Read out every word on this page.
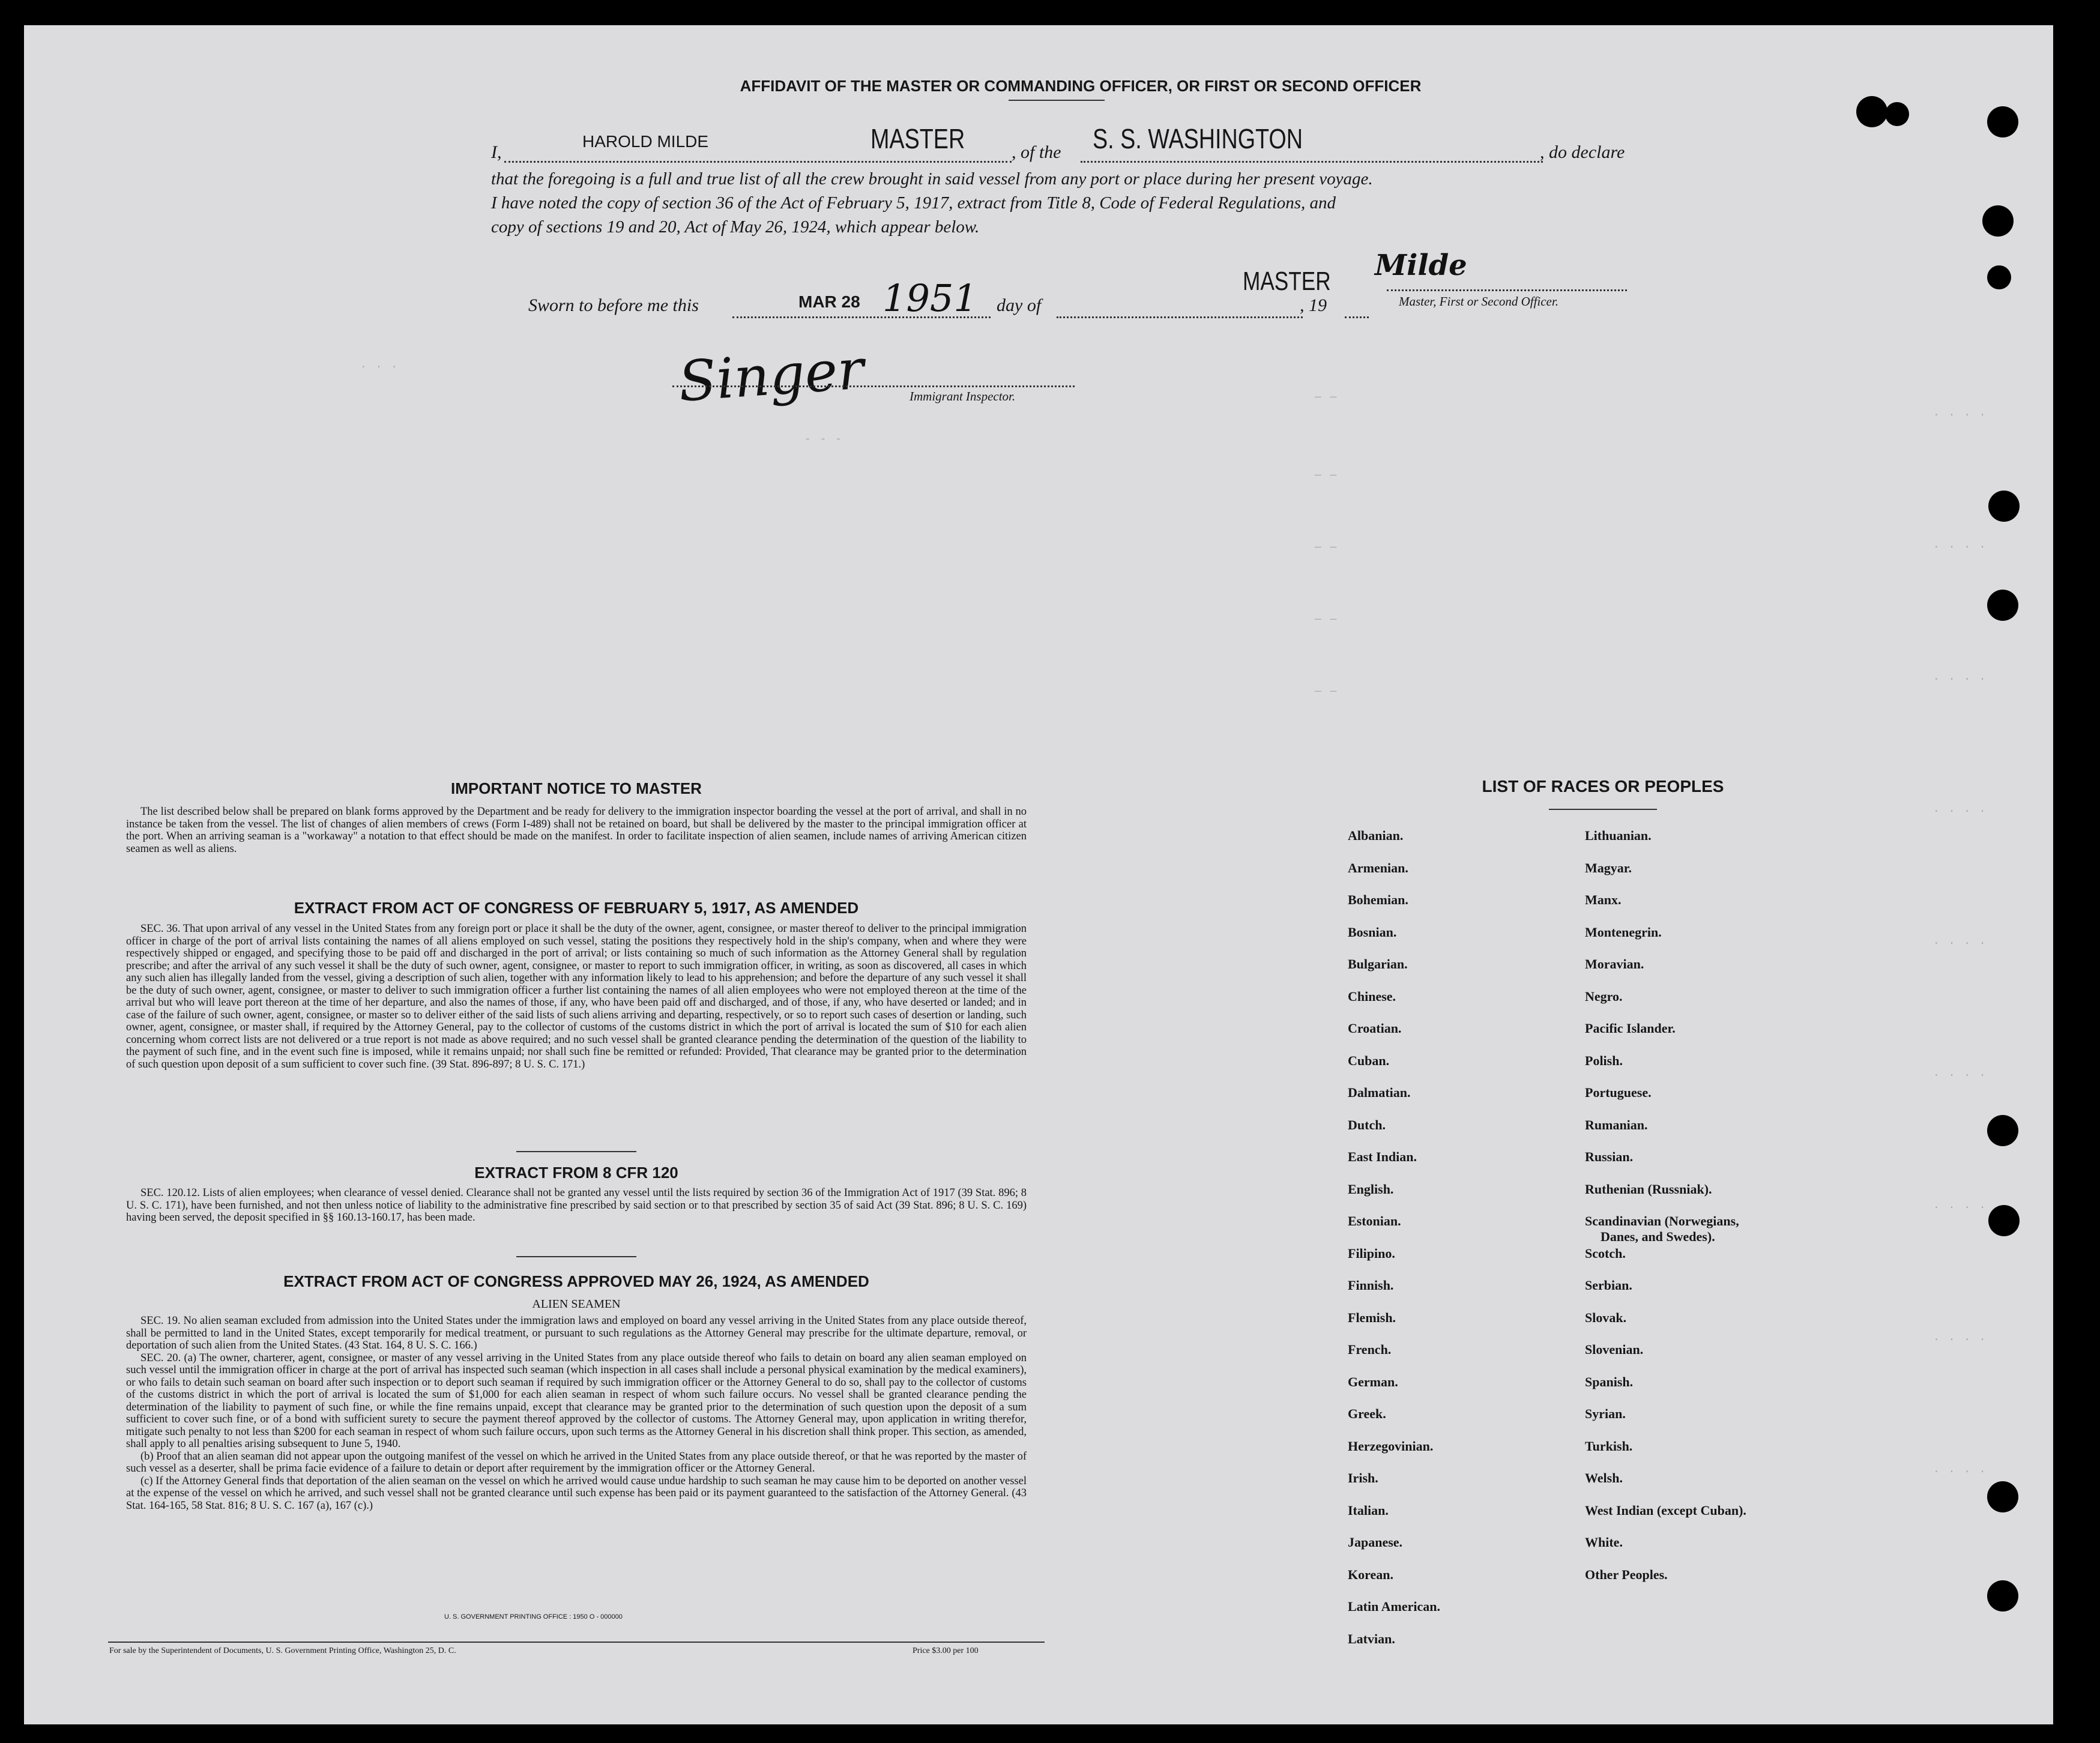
· · ·
- - -
— —
— —
— —
— —
— —
· · · ·
· · · ·
· · · ·
· · · ·
· · · ·
· · · ·
· · · ·
· · · ·
· · · ·
AFFIDAVIT OF THE MASTER OR COMMANDING OFFICER, OR FIRST OR SECOND OFFICER
I,
HAROLD MILDE	MASTER	, of the S. S. WASHINGTON	, do declare
that the foregoing is a full and true list of all the crew brought in said vessel from any port or place during her present voyage.
I have noted the copy of section 36 of the Act of February 5, 1917, extract from Title 8, Code of Federal Regulations, and
copy of sections 19 and 20, Act of May 26, 1924, which appear below.
Sworn to before me this	MAR 28 1951 day of	, 19
MASTER Milde
Master, First or Second Officer.
Singer	Immigrant Inspector.
IMPORTANT NOTICE TO MASTER

The list described below shall be prepared on blank forms approved by the Department and be ready for delivery to the immigration inspector boarding the vessel at the port of arrival, and shall in no instance be taken from the vessel. The list of changes of alien members of crews (Form I-489) shall not be retained on board, but shall be delivered by the master to the principal immigration officer at the port. When an arriving seaman is a "workaway" a notation to that effect should be made on the manifest. In order to facilitate inspection of alien seamen, include names of arriving American citizen seamen as well as aliens.

EXTRACT FROM ACT OF CONGRESS OF FEBRUARY 5, 1917, AS AMENDED

SEC. 36. That upon arrival of any vessel in the United States from any foreign port or place it shall be the duty of the owner, agent, consignee, or master thereof to deliver to the principal immigration officer in charge of the port of arrival lists containing the names of all aliens employed on such vessel, stating the positions they respectively hold in the ship's company, when and where they were respectively shipped or engaged, and specifying those to be paid off and discharged in the port of arrival; or lists containing so much of such information as the Attorney General shall by regulation prescribe; and after the arrival of any such vessel it shall be the duty of such owner, agent, consignee, or master to report to such immigration officer, in writing, as soon as discovered, all cases in which any such alien has illegally landed from the vessel, giving a description of such alien, together with any information likely to lead to his apprehension; and before the departure of any such vessel it shall be the duty of such owner, agent, consignee, or master to deliver to such immigration officer a further list containing the names of all alien employees who were not employed thereon at the time of the arrival but who will leave port thereon at the time of her departure, and also the names of those, if any, who have been paid off and discharged, and of those, if any, who have deserted or landed; and in case of the failure of such owner, agent, consignee, or master so to deliver either of the said lists of such aliens arriving and departing, respectively, or so to report such cases of desertion or landing, such owner, agent, consignee, or master shall, if required by the Attorney General, pay to the collector of customs of the customs district in which the port of arrival is located the sum of $10 for each alien concerning whom correct lists are not delivered or a true report is not made as above required; and no such vessel shall be granted clearance pending the determination of the question of the liability to the payment of such fine, and in the event such fine is imposed, while it remains unpaid; nor shall such fine be remitted or refunded: Provided, That clearance may be granted prior to the determination of such question upon deposit of a sum sufficient to cover such fine. (39 Stat. 896-897; 8 U. S. C. 171.)

EXTRACT FROM 8 CFR 120

SEC. 120.12. Lists of alien employees; when clearance of vessel denied. Clearance shall not be granted any vessel until the lists required by section 36 of the Immigration Act of 1917 (39 Stat. 896; 8 U. S. C. 171), have been furnished, and not then unless notice of liability to the administrative fine prescribed by said section or to that prescribed by section 35 of said Act (39 Stat. 896; 8 U. S. C. 169) having been served, the deposit specified in §§ 160.13-160.17, has been made.

EXTRACT FROM ACT OF CONGRESS APPROVED MAY 26, 1924, AS AMENDED
ALIEN SEAMEN

SEC. 19. No alien seaman excluded from admission into the United States under the immigration laws and employed on board any vessel arriving in the United States from any place outside thereof, shall be permitted to land in the United States, except temporarily for medical treatment, or pursuant to such regulations as the Attorney General may prescribe for the ultimate departure, removal, or deportation of such alien from the United States. (43 Stat. 164, 8 U. S. C. 166.)

SEC. 20. (a) The owner, charterer, agent, consignee, or master of any vessel arriving in the United States from any place outside thereof who fails to detain on board any alien seaman employed on such vessel until the immigration officer in charge at the port of arrival has inspected such seaman (which inspection in all cases shall include a personal physical examination by the medical examiners), or who fails to detain such seaman on board after such inspection or to deport such seaman if required by such immigration officer or the Attorney General to do so, shall pay to the collector of customs of the customs district in which the port of arrival is located the sum of $1,000 for each alien seaman in respect of whom such failure occurs. No vessel shall be granted clearance pending the determination of the liability to payment of such fine, or while the fine remains unpaid, except that clearance may be granted prior to the determination of such question upon the deposit of a sum sufficient to cover such fine, or of a bond with sufficient surety to secure the payment thereof approved by the collector of customs. The Attorney General may, upon application in writing therefor, mitigate such penalty to not less than $200 for each seaman in respect of whom such failure occurs, upon such terms as the Attorney General in his discretion shall think proper. This section, as amended, shall apply to all penalties arising subsequent to June 5, 1940.

(b) Proof that an alien seaman did not appear upon the outgoing manifest of the vessel on which he arrived in the United States from any place outside thereof, or that he was reported by the master of such vessel as a deserter, shall be prima facie evidence of a failure to detain or deport after requirement by the immigration officer or the Attorney General.

(c) If the Attorney General finds that deportation of the alien seaman on the vessel on which he arrived would cause undue hardship to such seaman he may cause him to be deported on another vessel at the expense of the vessel on which he arrived, and such vessel shall not be granted clearance until such expense has been paid or its payment guaranteed to the satisfaction of the Attorney General. (43 Stat. 164-165, 58 Stat. 816; 8 U. S. C. 167 (a), 167 (c).)

U. S. GOVERNMENT PRINTING OFFICE : 1950 O - 000000
For sale by the Superintendent of Documents, U. S. Government Printing Office, Washington 25, D. C.	Price $3.00 per 100
LIST OF RACES OR PEOPLES
Albanian.
Armenian.
Bohemian.
Bosnian.
Bulgarian.
Chinese.
Croatian.
Cuban.
Dalmatian.
Dutch.
East Indian.
English.
Estonian.
Filipino.
Finnish.
Flemish.
French.
German.
Greek.
Herzegovinian.
Irish.
Italian.
Japanese.
Korean.
Latin American.
Latvian.
Lithuanian.
Magyar.
Manx.
Montenegrin.
Moravian.
Negro.
Pacific Islander.
Polish.
Portuguese.
Rumanian.
Russian.
Ruthenian (Russniak).
Scandinavian (Norwegians,
Danes, and Swedes).
Scotch.
Serbian.
Slovak.
Slovenian.
Spanish.
Syrian.
Turkish.
Welsh.
West Indian (except Cuban).
White.
Other Peoples.
